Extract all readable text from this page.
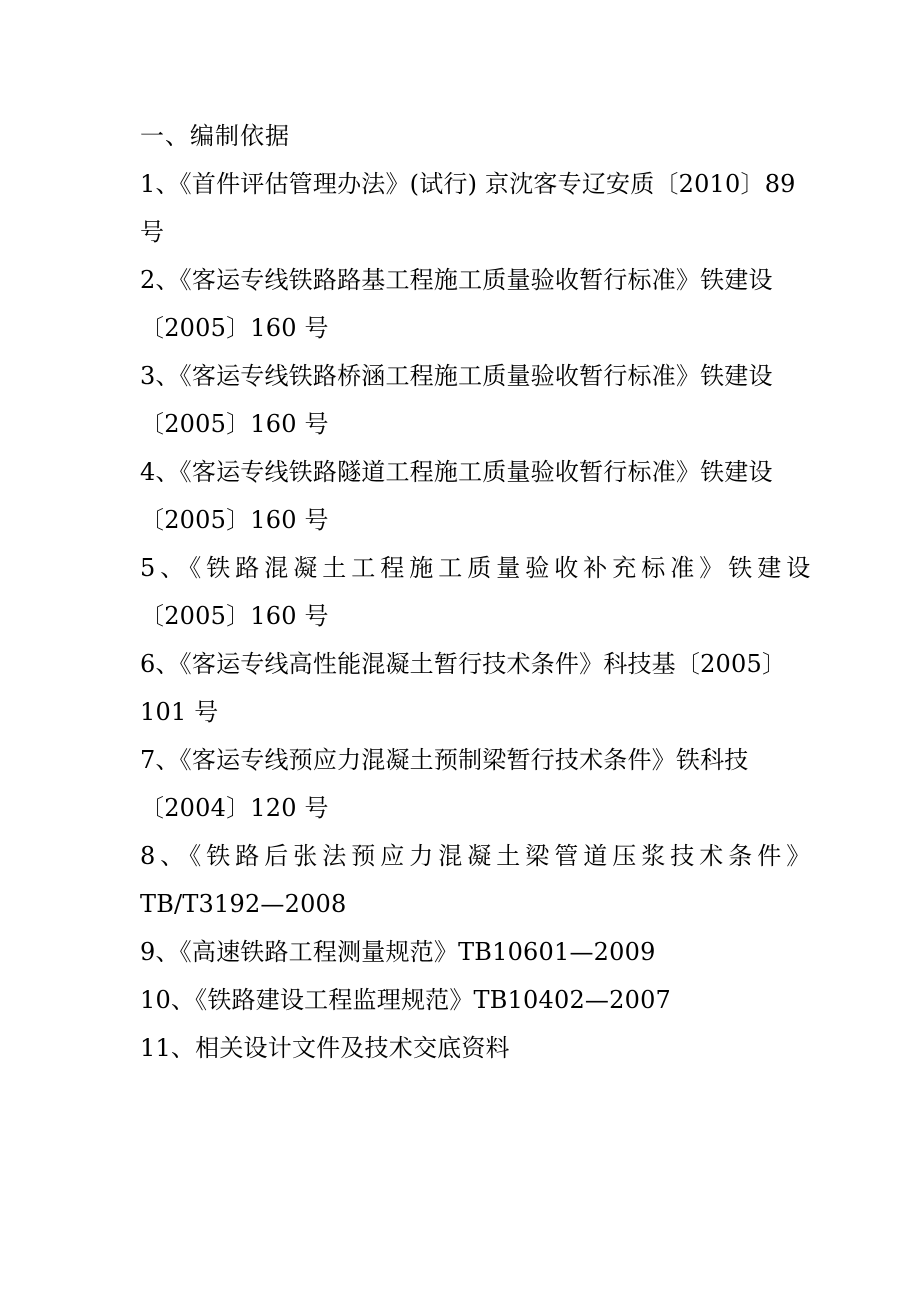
一、编制依据
1、《首件评估管理办法》(试行) 京沈客专辽安质〔2010〕89
号
2、《客运专线铁路路基工程施工质量验收暂行标准》铁建设
〔2005〕160 号
3、《客运专线铁路桥涵工程施工质量验收暂行标准》铁建设
〔2005〕160 号
4、《客运专线铁路隧道工程施工质量验收暂行标准》铁建设
〔2005〕160 号
5、《铁路混凝土工程施工质量验收补充标准》铁建设
〔2005〕160 号
6、《客运专线高性能混凝土暂行技术条件》科技基〔2005〕
101 号
7、《客运专线预应力混凝土预制梁暂行技术条件》铁科技
〔2004〕120 号
8、《铁路后张法预应力混凝土梁管道压浆技术条件》
TB/T3192—2008
9、《高速铁路工程测量规范》TB10601—2009
10、《铁路建设工程监理规范》TB10402—2007
11、相关设计文件及技术交底资料
